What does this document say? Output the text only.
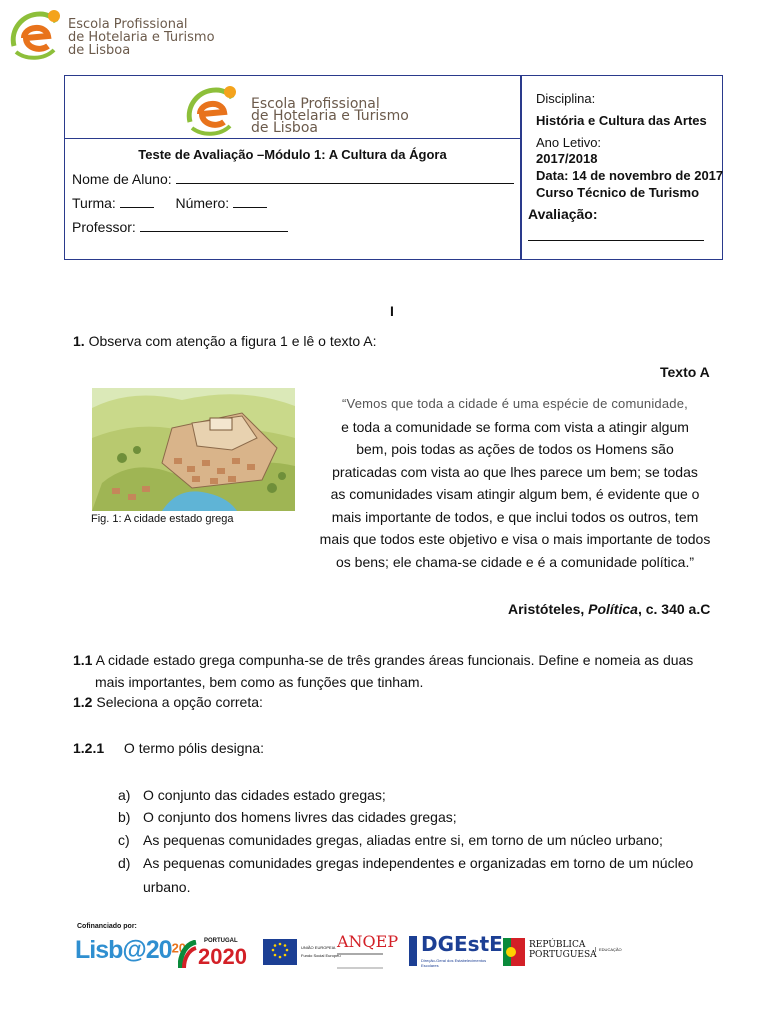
Escola Profissional
de Hotelaria e Turismo
de Lisboa
Escola Profissional
de Hotelaria e Turismo
de Lisboa
Teste de Avaliação –Módulo 1: A Cultura da Ágora
Nome de Aluno:
Turma:	Número:
Professor:
Disciplina:
História e Cultura das Artes
Ano Letivo:
2017/2018
Data: 14 de novembro de 2017
Curso Técnico de Turismo
Avaliação:
I
1. Observa com atenção a figura 1 e lê o texto A:
Texto A
Fig. 1: A cidade estado grega
“Vemos que toda a cidade é uma espécie de comunidade,
e toda a comunidade se forma com vista a atingir algum
bem, pois todas as ações de todos os Homens são
praticadas com vista ao que lhes parece um bem; se todas
as comunidades visam atingir algum bem, é evidente que o
mais importante de todos, e que inclui todos os outros, tem
mais que todos este objetivo e visa o mais importante de todos
os bens; ele chama-se cidade e é a comunidade política.”
Aristóteles, Política, c. 340 a.C
1.1 A cidade estado grega compunha-se de três grandes áreas funcionais. Define e nomeia as duas
mais importantes, bem como as funções que tinham.
1.2 Seleciona a opção correta:
1.2.1 O termo pólis designa:
a) O conjunto das cidades estado gregas;
b) O conjunto dos homens livres das cidades gregas;
c) As pequenas comunidades gregas, aliadas entre si, em torno de um núcleo urbano;
d) As pequenas comunidades gregas independentes e organizadas em torno de um núcleo
urbano.
Cofinanciado por:
$Lisb@20^{20}$	PORTUGAL
2020	UNIÃO EUROPEIA
Fundo Social Europeu
ANQEP DGEstE
Direção-Geral dos Estabelecimentos Escolares
REPÚBLICA
PORTUGUESA
EDUCAÇÃO
